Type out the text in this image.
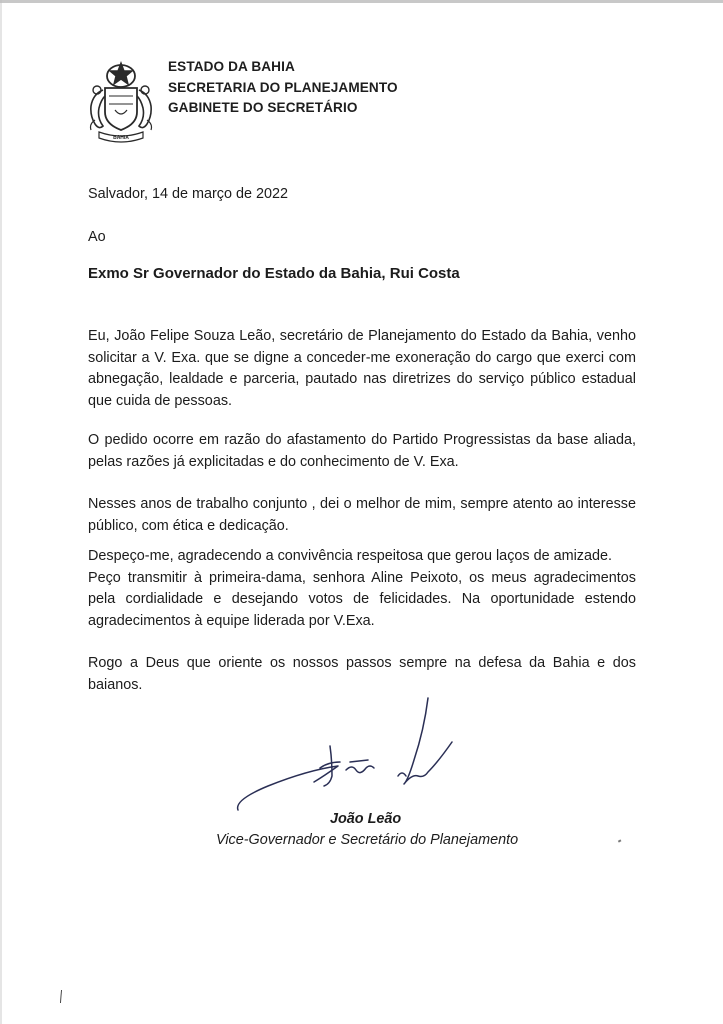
BAHIA
ESTADO DA BAHIA
SECRETARIA DO PLANEJAMENTO
GABINETE DO SECRETÁRIO
Salvador, 14 de março de 2022
Ao
Exmo Sr Governador do Estado da Bahia, Rui Costa
Eu, João Felipe Souza Leão, secretário de Planejamento do Estado da Bahia, venho solicitar a V. Exa. que se digne a conceder-me exoneração do cargo que exerci com abnegação, lealdade e parceria, pautado nas diretrizes do serviço público estadual que cuida de pessoas.
O pedido ocorre em razão do afastamento do Partido Progressistas da base aliada, pelas razões já explicitadas e do conhecimento de V. Exa.
Nesses anos de trabalho conjunto , dei o melhor de mim, sempre atento ao interesse público, com ética e dedicação.
Despeço-me, agradecendo a convivência respeitosa que gerou laços de amizade.
Peço transmitir à primeira-dama, senhora Aline Peixoto, os meus agradecimentos pela cordialidade e desejando votos de felicidades. Na oportunidade estendo agradecimentos à equipe liderada por V.Exa.
Rogo a Deus que oriente os nossos passos sempre na defesa da Bahia e dos baianos.
João Leão
Vice-Governador e Secretário do Planejamento
